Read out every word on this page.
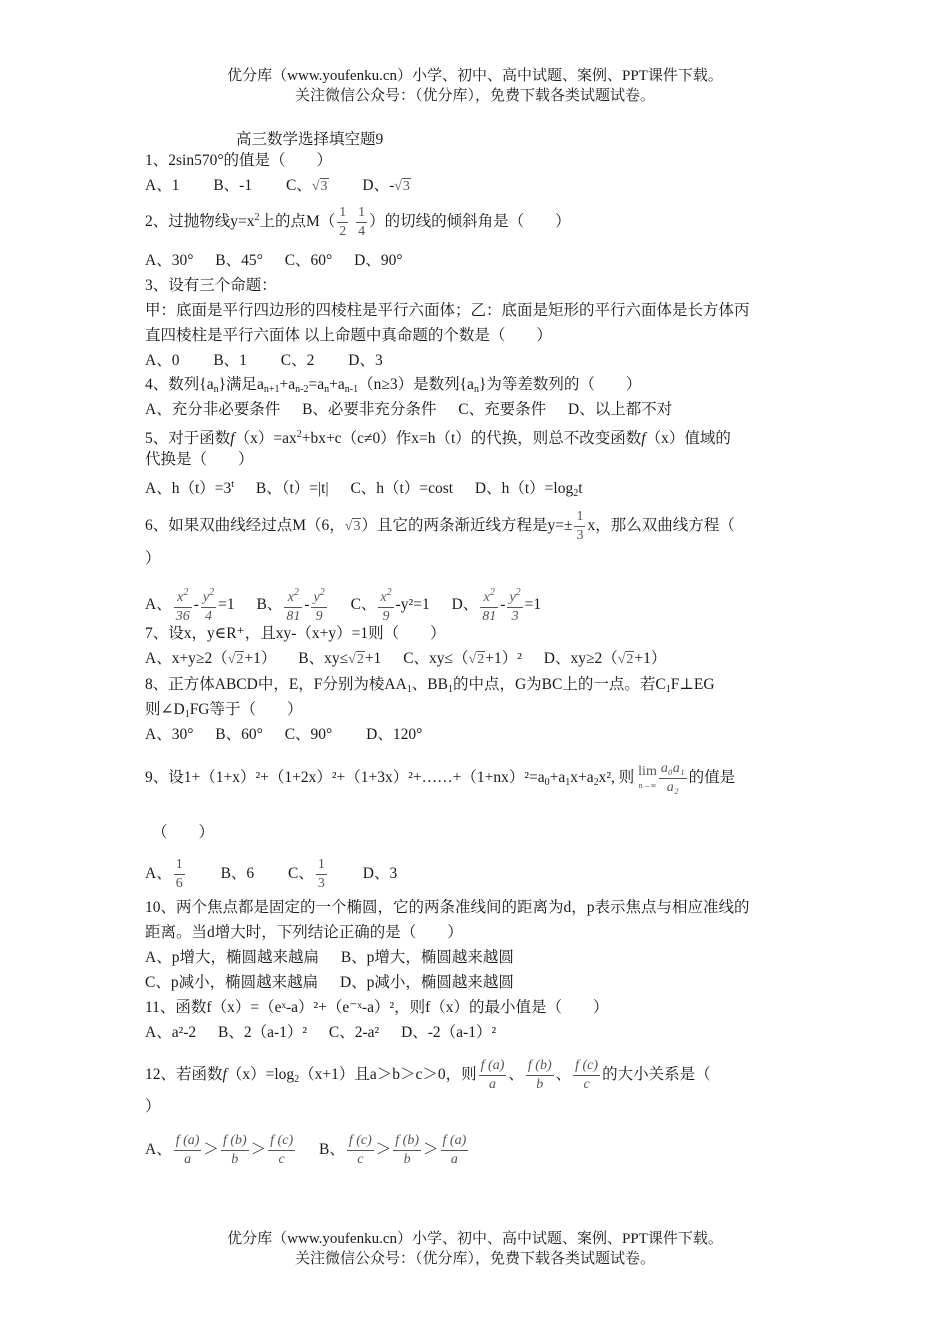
优分库（www.youfenku.cn）小学、初中、高中试题、案例、PPT课件下载。
关注微信公众号：（优分库），免费下载各类试题试卷。
高三数学选择填空题9
1、2sin570°的值是（　　）
A、1 B、-1 C、√3 D、-√3
2、过抛物线$y=x^2$上的点$M( \frac{1}{2}$
$\frac{1}{4}$ ）的切线的倾斜角是（　　）
A、30° B、45° C、60° D、90°
3、设有三个命题：
甲：底面是平行四边形的四棱柱是平行六面体；乙：底面是矩形的平行六面体是长方体丙
直四棱柱是平行六面体 以上命题中真命题的个数是（　　）
A、0 B、1 C、2 D、3
4、数列$\{a_n\}$满足$a_{n+1}+a_{n-2}=a_n+a_{n-1}(n\ge 3)$是数列$\{a_n\}$为等差数列的（　　）
A、充分非必要条件 B、必要非充分条件 C、充要条件 D、以上都不对
5、对于函数$f(x)=ax^2+bx+c(c\ne 0)$作x=h（t）的代换，则总不改变函数f（x）值域的
代换是（　　）
A、$h(t)=3^t$ B、（t）=|t| C、h（t）=cost D、$h(t)=\log_2t$
6、如果双曲线经过点M（6，√3）且它的两条渐近线方程是$y=\pm \frac{1}{3}$ x，那么双曲线方程（
）
A、 $\frac{x^2}{36} - \frac{y^2}{4} =1$ B、 $\frac{x^2}{81} - \frac{y^2}{9}$ C、 $\frac{x^2}{9} -y^2=1$ D、 $\frac{x^2}{81} - \frac{y^2}{3} =1$
7、设x，y∈R⁺，且xy-（x+y）=1则（　　）
A、x+y≥2（√2+1） B、xy≤√2+1 C、xy≤（√2+1）² D、xy≥2（√2+1）
8、正方体ABCD中，E，F分别为棱$AA_1$、$BB_1$的中点，G为BC上的一点。若$C_1F\perp EG$
则$\angle D_1FG$等于（　　）
A、30° B、60° C、90° D、120°
9、设$1+(1+x)^2+(1+2x)^2+(1+3x)^2+\dots\dots+(1+nx)^2=a_0+a_1x+a_2x^2$, 则 lim
$n\to\infty \frac{\text{a₀a₁}}{\text{a₂}}$ 的值是
（　　）
A、 $\frac{1}{6}$ B、6 C、 $\frac{1}{3}$ D、3
10、两个焦点都是固定的一个椭圆，它的两条准线间的距离为d，p表示焦点与相应准线的
距离。当d增大时，下列结论正确的是（　　）
A、p增大，椭圆越来越扁 B、p增大，椭圆越来越圆
C、p减小，椭圆越来越扁 D、p减小，椭圆越来越圆
11、函数f（x）=（eˣ-a）²+（e⁻ˣ-a）²，则f（x）的最小值是（　　）
A、a²-2 B、2（a-1）² C、2-a² D、-2（a-1）²
12、若函数$f(x)=\log_2(x+1)$且a＞b＞c＞0，则 $\frac{f (a)}{a}$ 、 $\frac{f (b)}{b}$ 、 $\frac{f (c)}{c}$ 的大小关系是（
）
A、 $\frac{f (a)}{a} > \frac{f (b)}{b} > \frac{f (c)}{c}$ B、 $\frac{f (c)}{c} > \frac{f (b)}{b} > \frac{f (a)}{a}$
优分库（www.youfenku.cn）小学、初中、高中试题、案例、PPT课件下载。
关注微信公众号：（优分库），免费下载各类试题试卷。
